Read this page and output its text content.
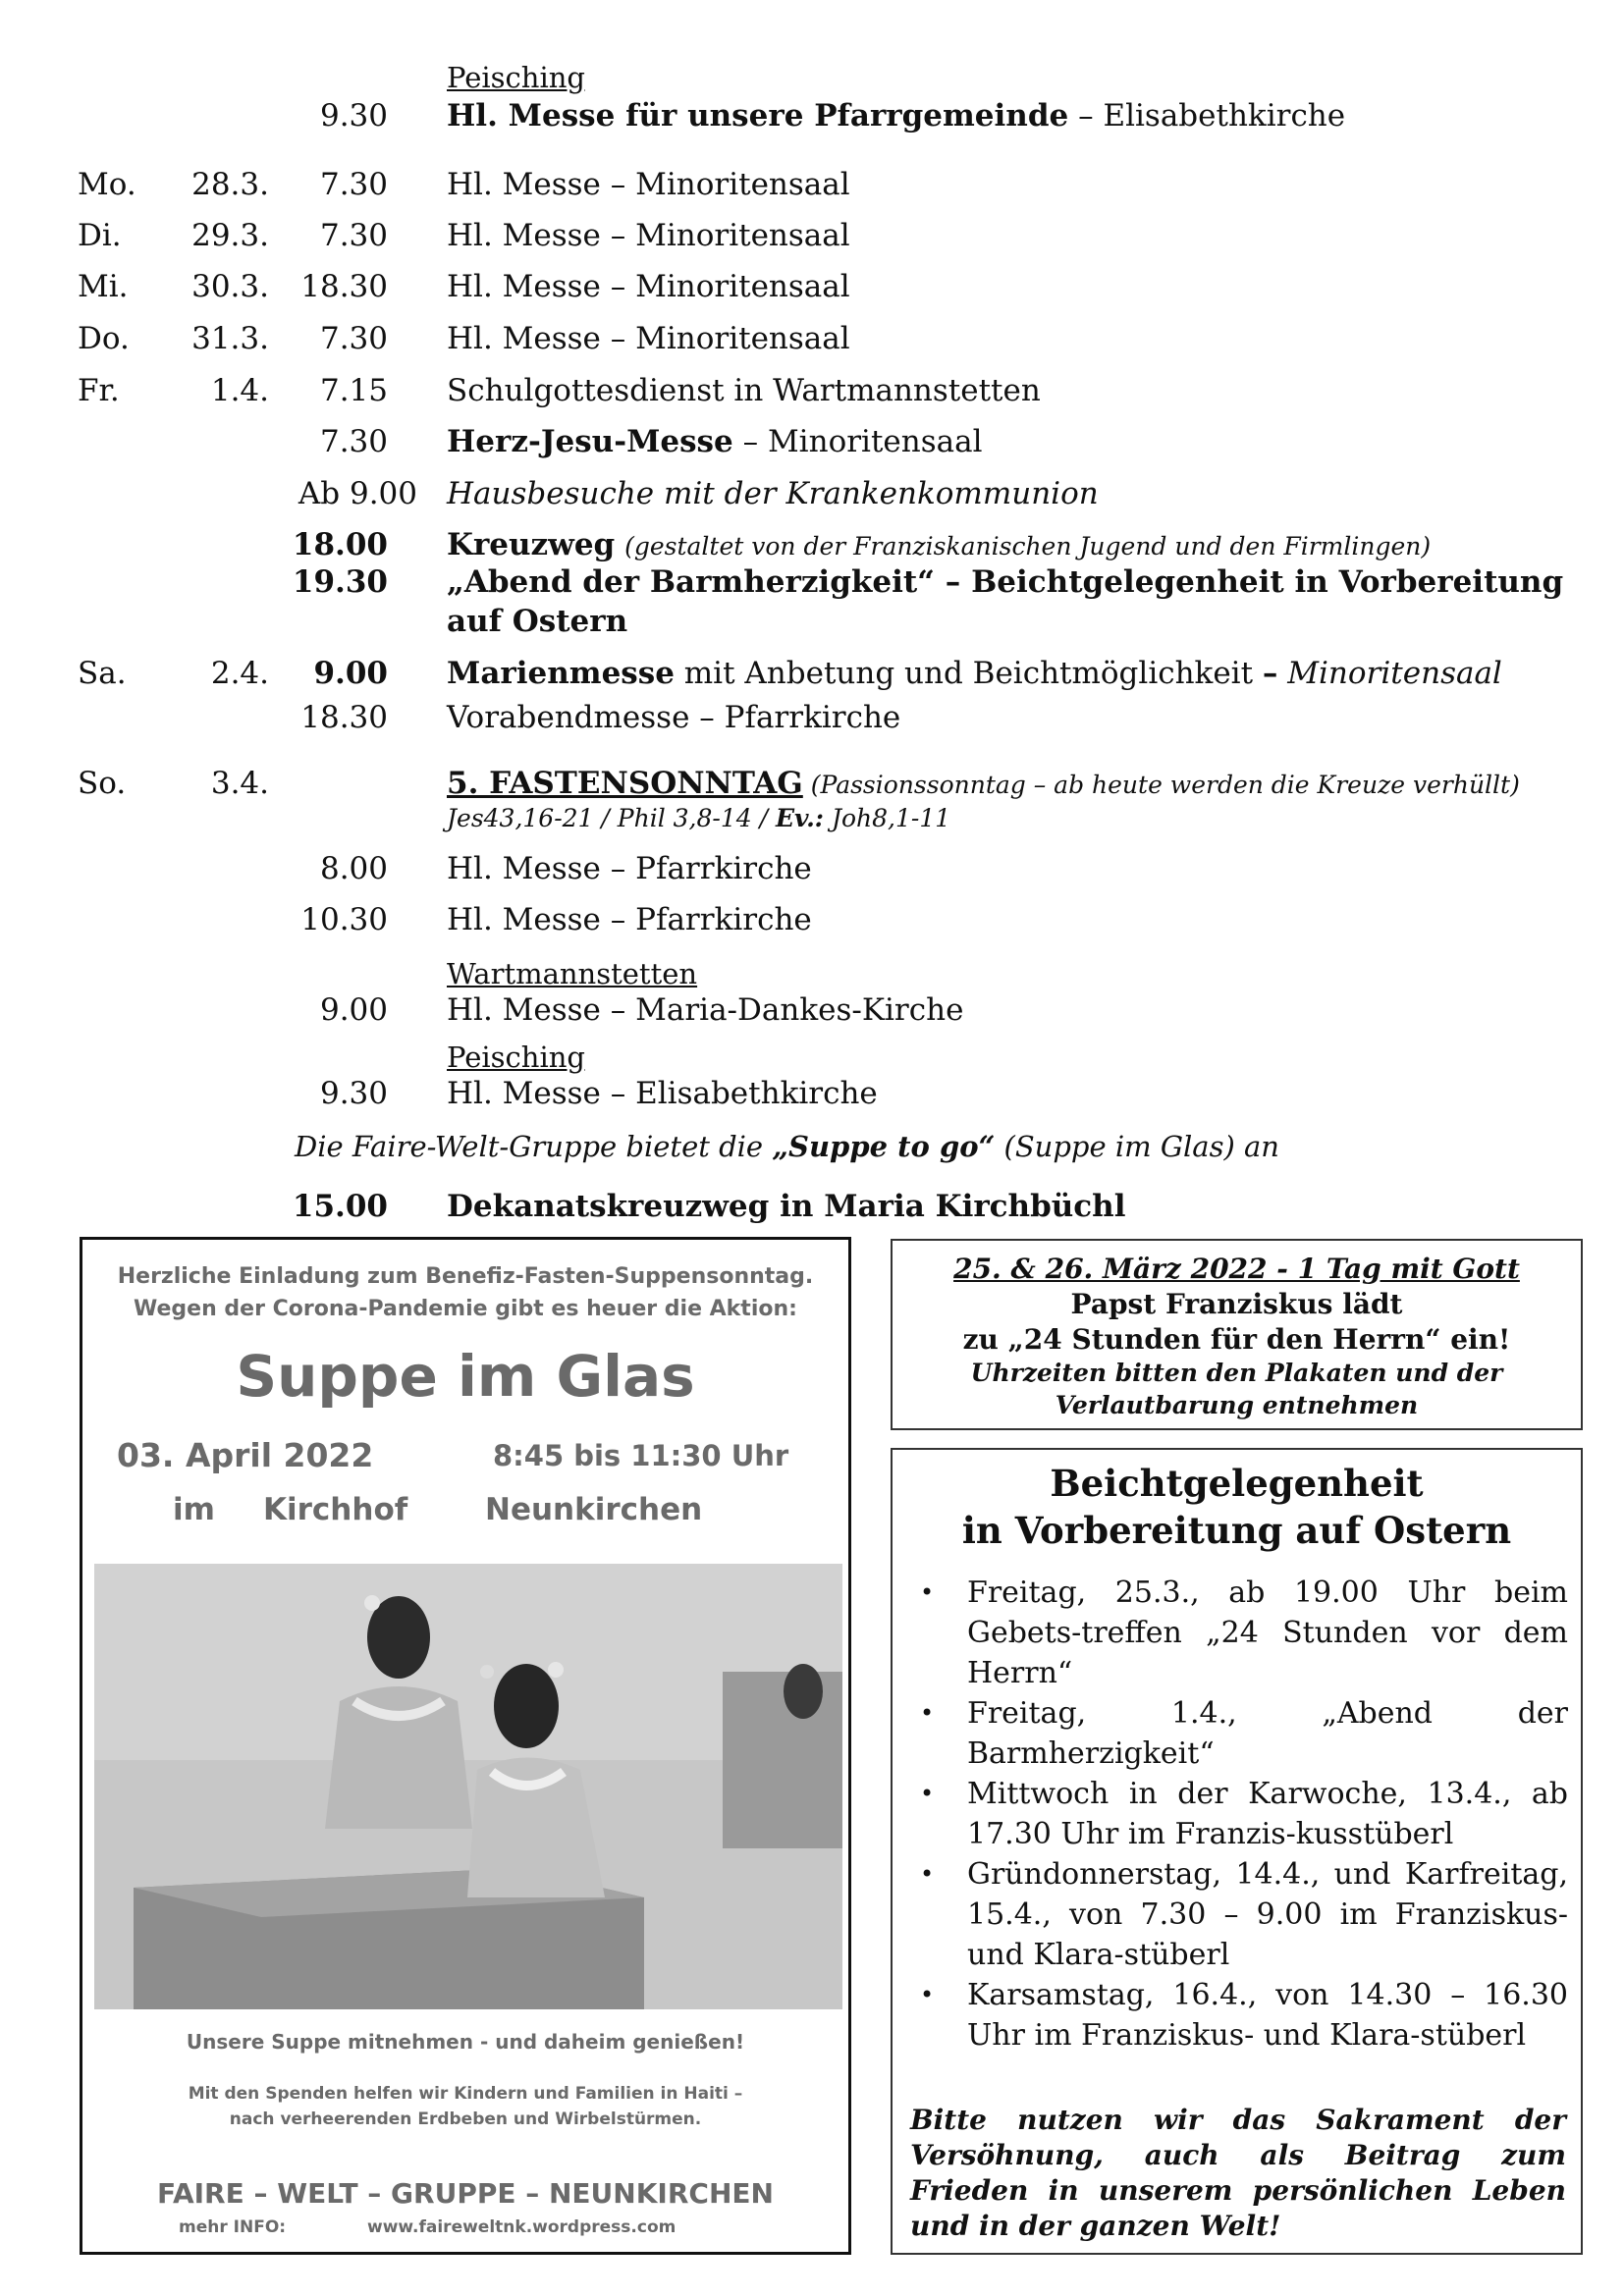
Peisching
9.30 Hl. Messe für unsere Pfarrgemeinde – Elisabethkirche
Mo. 28.3.	7.30 Hl. Messe – Minoritensaal
Di. 29.3.	7.30 Hl. Messe – Minoritensaal
Mi. 30.3.	18.30 Hl. Messe – Minoritensaal
Do. 31.3.	7.30 Hl. Messe – Minoritensaal
Fr.	1.4.	7.15 Schulgottesdienst in Wartmannstetten
7.30 Herz-Jesu-Messe – Minoritensaal
Ab 9.00 Hausbesuche mit der Krankenkommunion
18.00 Kreuzweg (gestaltet von der Franziskanischen Jugend und den Firmlingen)
19.30 „Abend der Barmherzigkeit“ – Beichtgelegenheit in Vorbereitung
auf Ostern
Sa.	2.4.	9.00 Marienmesse mit Anbetung und Beichtmöglichkeit – Minoritensaal
18.30 Vorabendmesse – Pfarrkirche
So.	3.4.	5. FASTENSONNTAG (Passionssonntag – ab heute werden die Kreuze verhüllt)
Jes43,16-21 / Phil 3,8-14 / Ev.: Joh8,1-11
8.00 Hl. Messe – Pfarrkirche
10.30 Hl. Messe – Pfarrkirche
Wartmannstetten
9.00 Hl. Messe – Maria-Dankes-Kirche
Peisching
9.30 Hl. Messe – Elisabethkirche
Die Faire-Welt-Gruppe bietet die „Suppe to go“ (Suppe im Glas) an
15.00 Dekanatskreuzweg in Maria Kirchbüchl
Herzliche Einladung zum Benefiz-Fasten-Suppensonntag.
Wegen der Corona-Pandemie gibt es heuer die Aktion:
Suppe im Glas
03. April 2022	8:45 bis 11:30 Uhr
im Kirchhof	Neunkirchen
Unsere Suppe mitnehmen - und daheim genießen!
Mit den Spenden helfen wir Kindern und Familien in Haiti –
nach verheerenden Erdbeben und Wirbelstürmen.
FAIRE – WELT – GRUPPE – NEUNKIRCHEN
mehr INFO:	www.faireweltnk.wordpress.com
25. & 26. März 2022 - 1 Tag mit Gott
Papst Franziskus lädt
zu „24 Stunden für den Herrn“ ein!
Uhrzeiten bitten den Plakaten und der
Verlautbarung entnehmen
Beichtgelegenheit
in Vorbereitung auf Ostern
• Freitag, 25.3., ab 19.00 Uhr beim Gebets-treffen „24 Stunden vor dem Herrn“
• Freitag, 1.4., „Abend der Barmherzigkeit“
• Mittwoch in der Karwoche, 13.4., ab 17.30 Uhr im Franzis-kusstüberl
• Gründonnerstag, 14.4., und Karfreitag, 15.4., von 7.30 – 9.00 im Franziskus- und Klara-stüberl
• Karsamstag, 16.4., von 14.30 – 16.30 Uhr im Franziskus- und Klara-stüberl
Bitte nutzen wir das Sakrament der Versöhnung, auch als Beitrag zum Frieden in unserem persönlichen Leben und in der ganzen Welt!
